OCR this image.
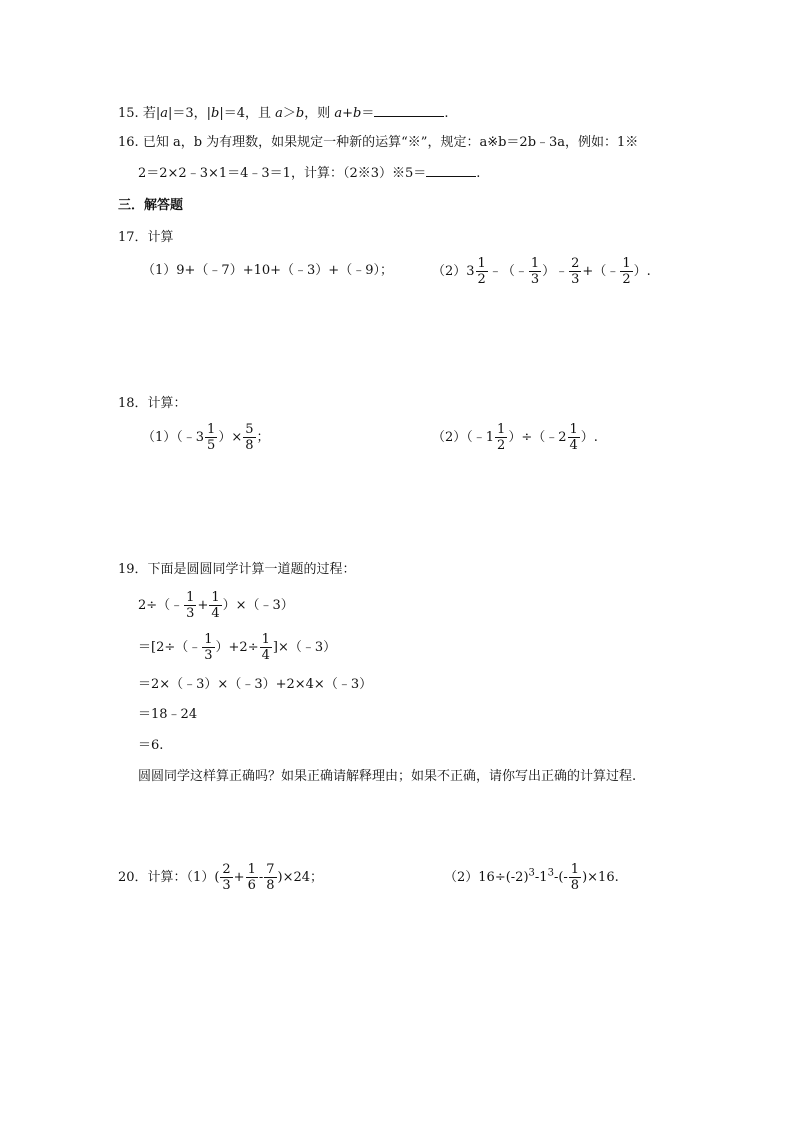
15. 若|a|＝3，|b|＝4，且 a＞b，则 a+b＝	.
16. 已知 a，b 为有理数，如果规定一种新的运算“※”，规定：a※b＝2b﹣3a，例如：1※
2＝2×2﹣3×1＝4﹣3＝1，计算：（2※3）※5＝	.
三．解答题
17．计算
（1）9+（﹣7）+10+（﹣3）+（﹣9）；	$(2)3 \frac{1}{2}$ ﹣（﹣ $\frac{1}{3}$ ）﹣ $\frac{2}{3}$ +（﹣ $\frac{1}{2}$ ）.
18．计算：
（1）（﹣3 $\frac{1}{5}$ ）× $\frac{5}{8}$ ；	（2）（﹣1 $\frac{1}{2}$ ）÷（﹣2 $\frac{1}{4}$ ）.
19．下面是圆圆同学计算一道题的过程：
2÷（﹣ $\frac{1}{3} + \frac{1}{4}$ ）×（﹣3）
＝[2÷（﹣ $\frac{1}{3} )+2\div \frac{1}{4}$ ]×（﹣3）
＝2×（﹣3）×（﹣3）+2×4×（﹣3）
＝18﹣24
＝6.
圆圆同学这样算正确吗？如果正确请解释理由；如果不正确，请你写出正确的计算过程.
20．计算：$(1)( \frac{2}{3} + \frac{1}{6} - \frac{7}{8} )\times 24$；	$(2)16\div(-2)^3-1^3-(- \frac{1}{8} )\times 16$.
